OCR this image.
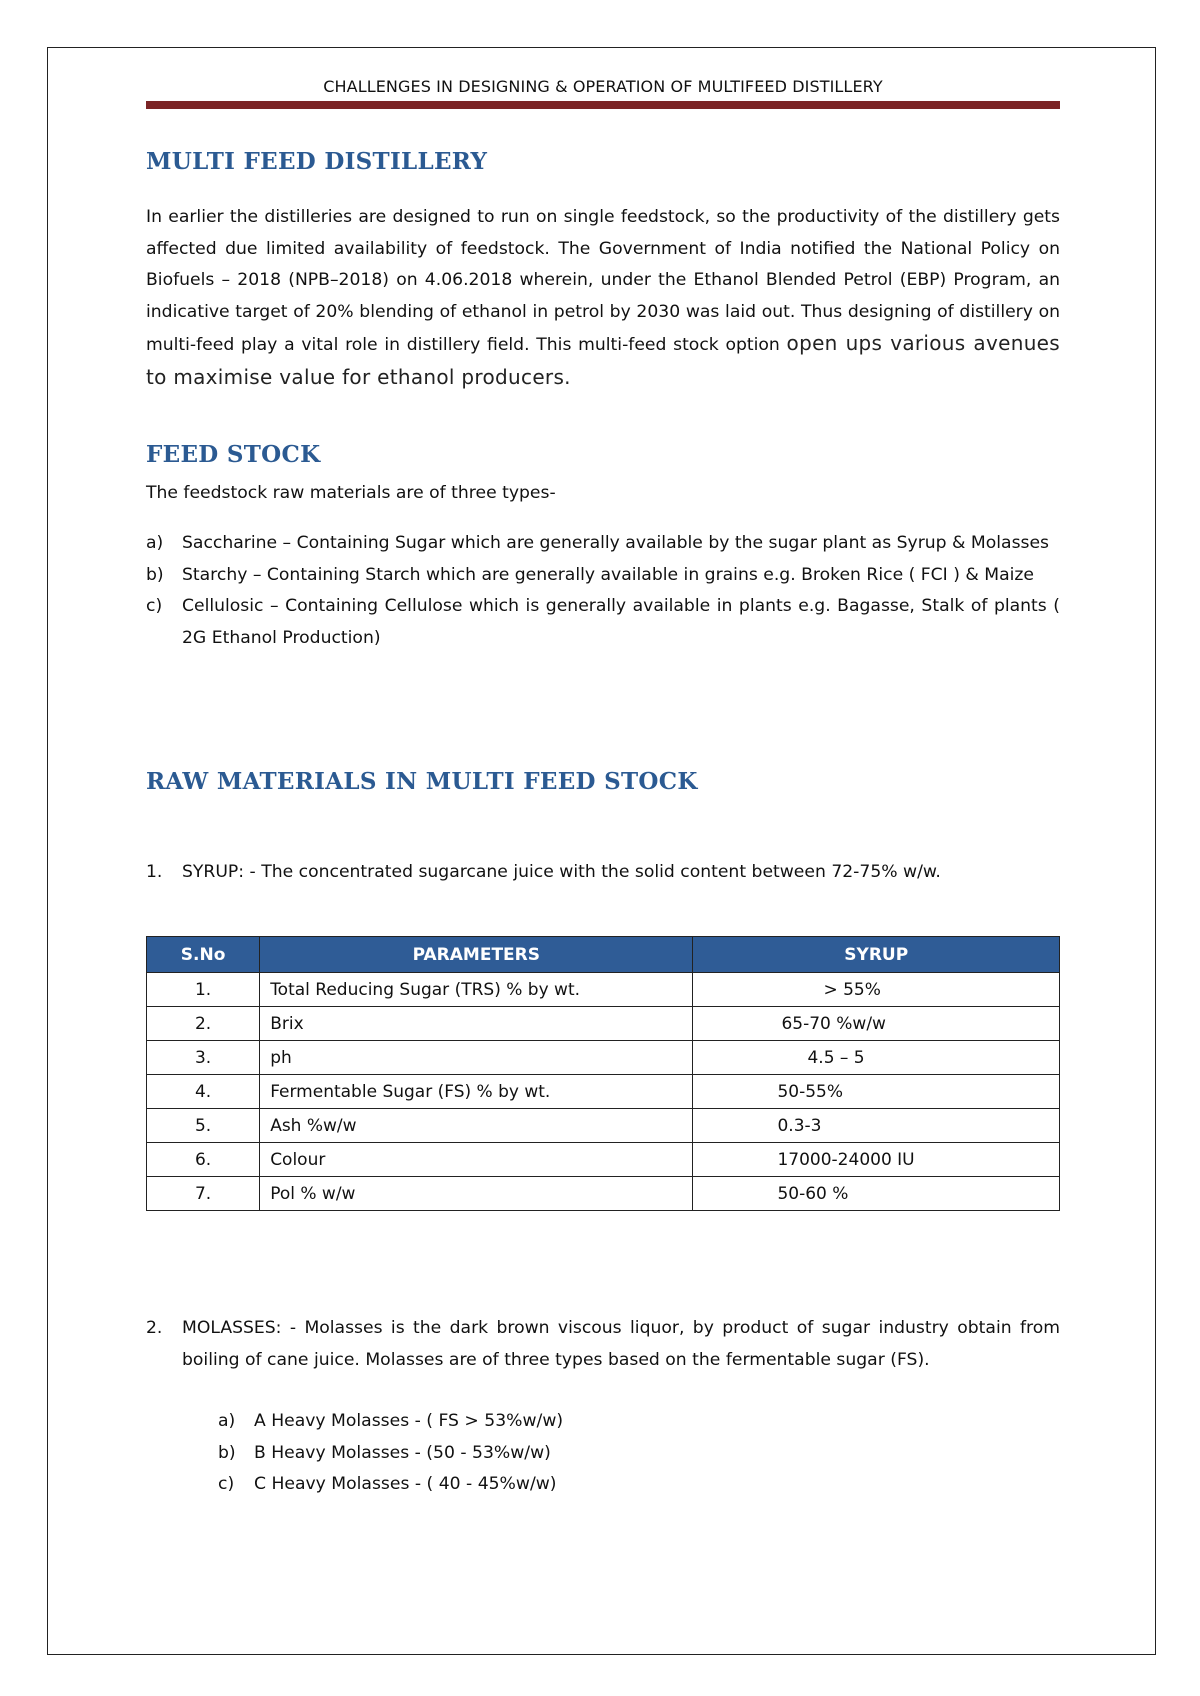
CHALLENGES IN DESIGNING & OPERATION OF MULTIFEED DISTILLERY
MULTI FEED DISTILLERY

In earlier the distilleries are designed to run on single feedstock, so the productivity of the distillery gets affected due limited availability of feedstock. The Government of India notified the National Policy on Biofuels – 2018 (NPB–2018) on 4.06.2018 wherein, under the Ethanol Blended Petrol (EBP) Program, an indicative target of 20% blending of ethanol in petrol by 2030 was laid out. Thus designing of distillery on multi-feed play a vital role in distillery field. This multi-feed stock option open ups various avenues to maximise value for ethanol producers.

FEED STOCK

The feedstock raw materials are of three types-

a) Saccharine – Containing Sugar which are generally available by the sugar plant as Syrup & Molasses
b) Starchy – Containing Starch which are generally available in grains e.g. Broken Rice ( FCI ) & Maize
c) Cellulosic – Containing Cellulose which is generally available in plants e.g. Bagasse, Stalk of plants ( 2G Ethanol Production)
RAW MATERIALS IN MULTI FEED STOCK
1. SYRUP: - The concentrated sugarcane juice with the solid content between 72-75% w/w.
S.No	PARAMETERS	SYRUP
1.	Total Reducing Sugar (TRS) % by wt.	> 55%
2.	Brix	65-70 %w/w
3.	ph	4.5 – 5
4.	Fermentable Sugar (FS) % by wt.	50-55%
5.	Ash %w/w	0.3-3
6.	Colour	17000-24000 IU
7.	Pol % w/w	50-60 %
2. MOLASSES: - Molasses is the dark brown viscous liquor, by product of sugar industry obtain from boiling of cane juice. Molasses are of three types based on the fermentable sugar (FS).
a) A Heavy Molasses - ( FS > 53%w/w)
b) B Heavy Molasses - (50 - 53%w/w)
c) C Heavy Molasses - ( 40 - 45%w/w)
